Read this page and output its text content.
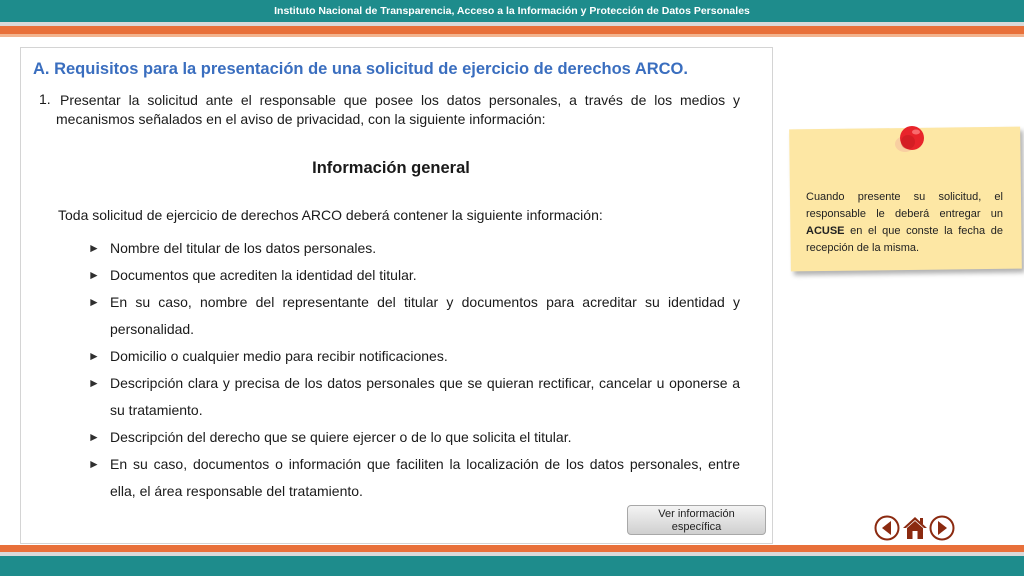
Instituto Nacional de Transparencia, Acceso a la Información y Protección de Datos Personales
A. Requisitos para la presentación de una solicitud de ejercicio de derechos ARCO.
1. Presentar la solicitud ante el responsable que posee los datos personales, a través de los medios y mecanismos señalados en el aviso de privacidad, con la siguiente información:
Información general
Toda solicitud de ejercicio de derechos ARCO deberá contener la siguiente información:
► Nombre del titular de los datos personales.
► Documentos que acrediten la identidad del titular.
► En su caso, nombre del representante del titular y documentos para acreditar su identidad y personalidad.
► Domicilio o cualquier medio para recibir notificaciones.
► Descripción clara y precisa de los datos personales que se quieran rectificar, cancelar u oponerse a su tratamiento.
► Descripción del derecho que se quiere ejercer o de lo que solicita el titular.
► En su caso, documentos o información que faciliten la localización de los datos personales, entre ella, el área responsable del tratamiento.
Ver información
específica
Cuando presente su solicitud, el responsable le deberá entregar un ACUSE en el que conste la fecha de recepción de la misma.
